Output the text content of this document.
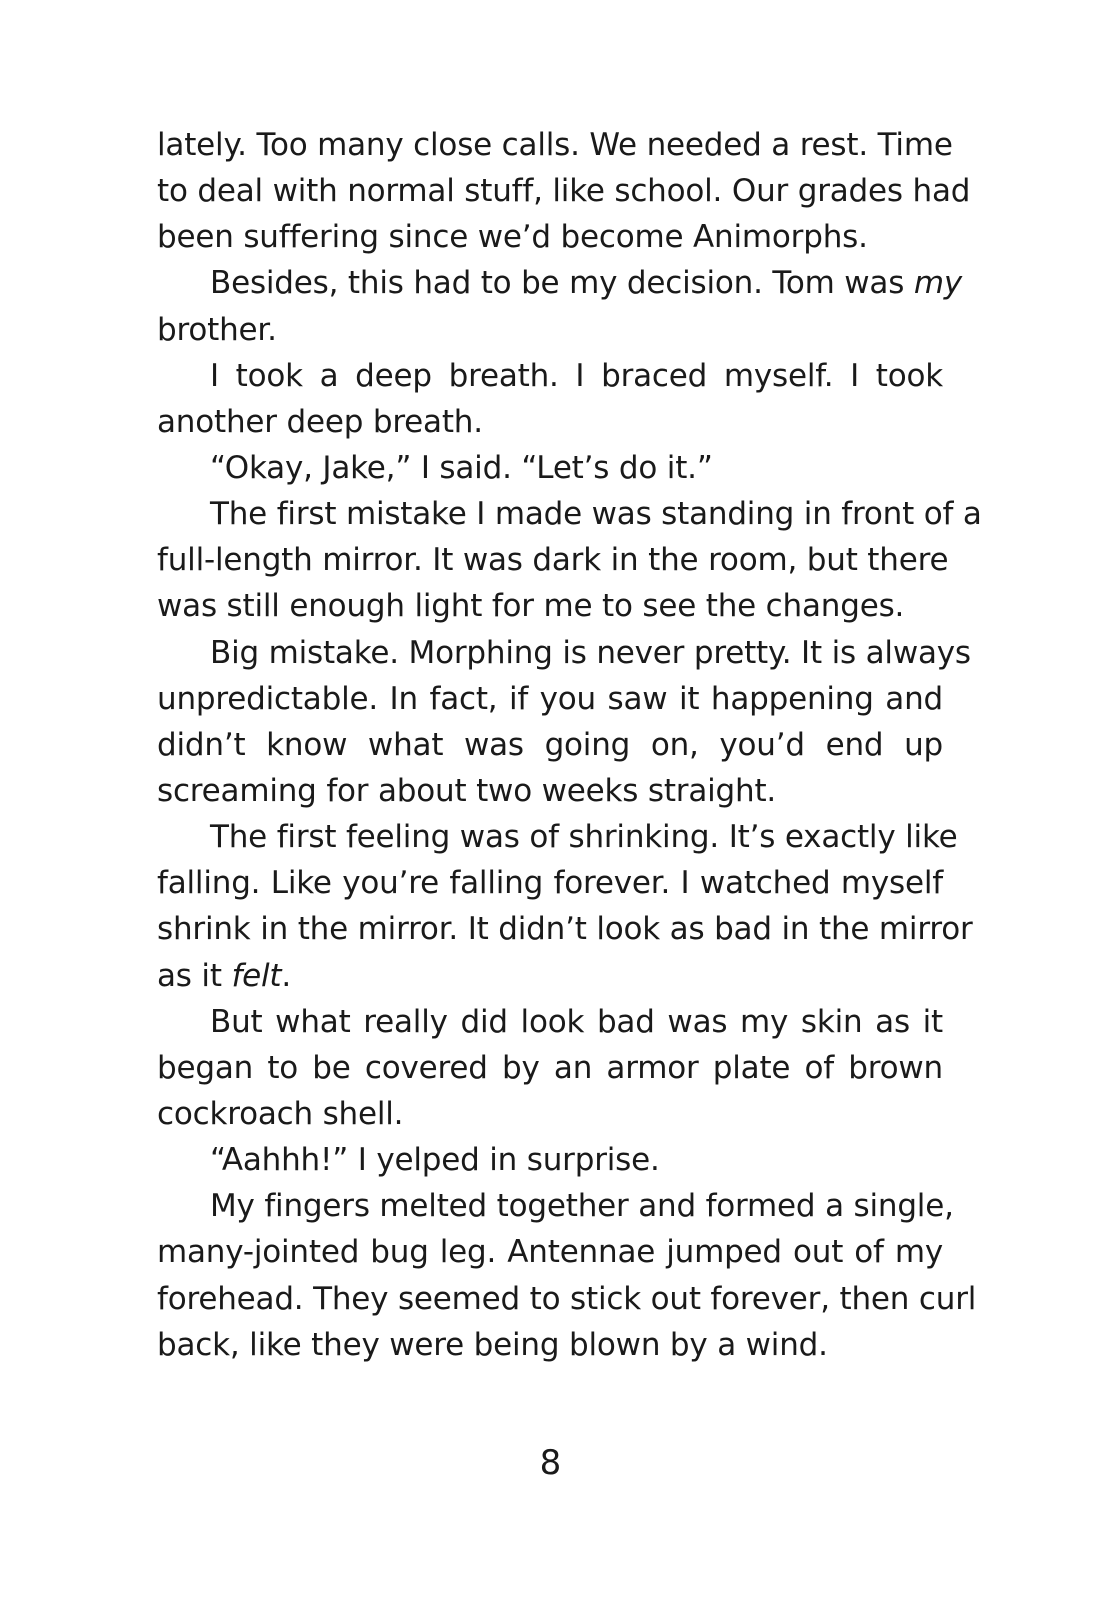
lately. Too many close calls. We needed a rest. Time
to deal with normal stuff, like school. Our grades had
been suffering since we’d become Animorphs.
Besides, this had to be my decision. Tom was my
brother.
I took a deep breath. I braced myself. I took
another deep breath.
“Okay, Jake,” I said. “Let’s do it.”
The first mistake I made was standing in front of a
full-length mirror. It was dark in the room, but there
was still enough light for me to see the changes.
Big mistake. Morphing is never pretty. It is always
unpredictable. In fact, if you saw it happening and
didn’t know what was going on, you’d end up
screaming for about two weeks straight.
The first feeling was of shrinking. It’s exactly like
falling. Like you’re falling forever. I watched myself
shrink in the mirror. It didn’t look as bad in the mirror
as it felt.
But what really did look bad was my skin as it
began to be covered by an armor plate of brown
cockroach shell.
“Aahhh!” I yelped in surprise.
My fingers melted together and formed a single,
many-jointed bug leg. Antennae jumped out of my
forehead. They seemed to stick out forever, then curl
back, like they were being blown by a wind.
8
